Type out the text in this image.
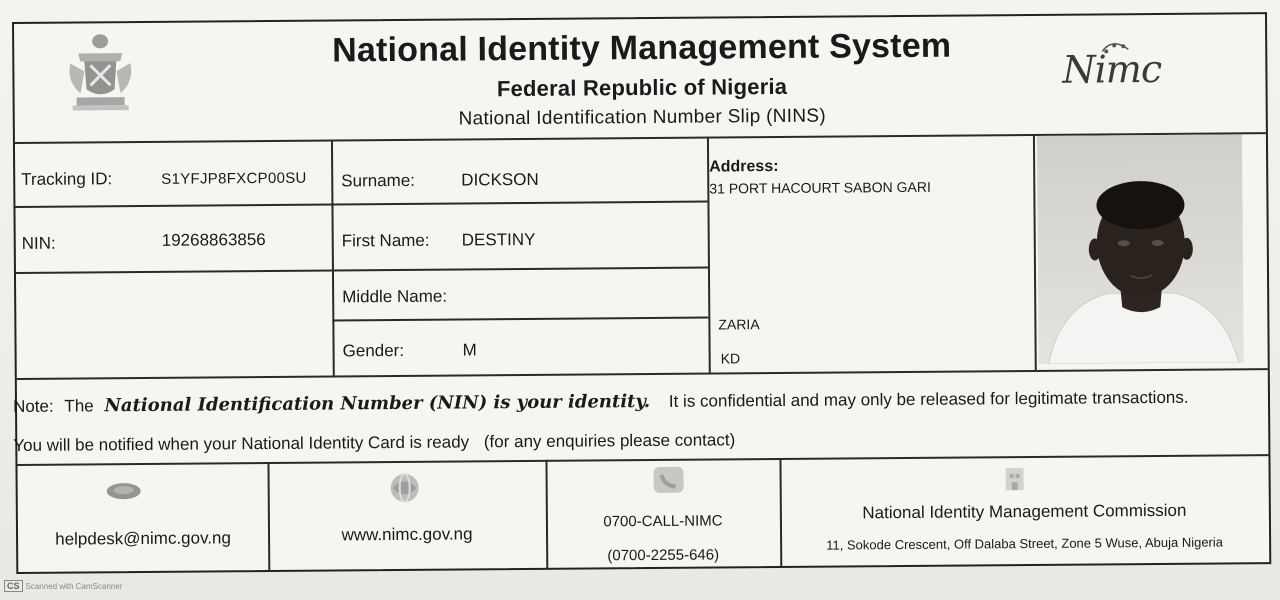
National Identity Management System
Federal Republic of Nigeria
National Identification Number Slip (NINS)
Nimc
Tracking ID:	S1YFJP8FXCP00SU
NIN:	19268863856
Surname:	DICKSON
First Name: DESTINY
Middle Name:
Gender:	M
Address:
31 PORT HACOURT SABON GARI
ZARIA
KD
Note: The National Identification Number (NIN) is your identity. It is confidential and may only be released for legitimate transactions.
You will be notified when your National Identity Card is ready (for any enquiries please contact)
helpdesk@nimc.gov.ng	www.nimc.gov.ng
0700-CALL-NIMC
(0700-2255-646)
National Identity Management Commission
11, Sokode Crescent, Off Dalaba Street, Zone 5 Wuse, Abuja Nigeria
CS Scanned with CamScanner
